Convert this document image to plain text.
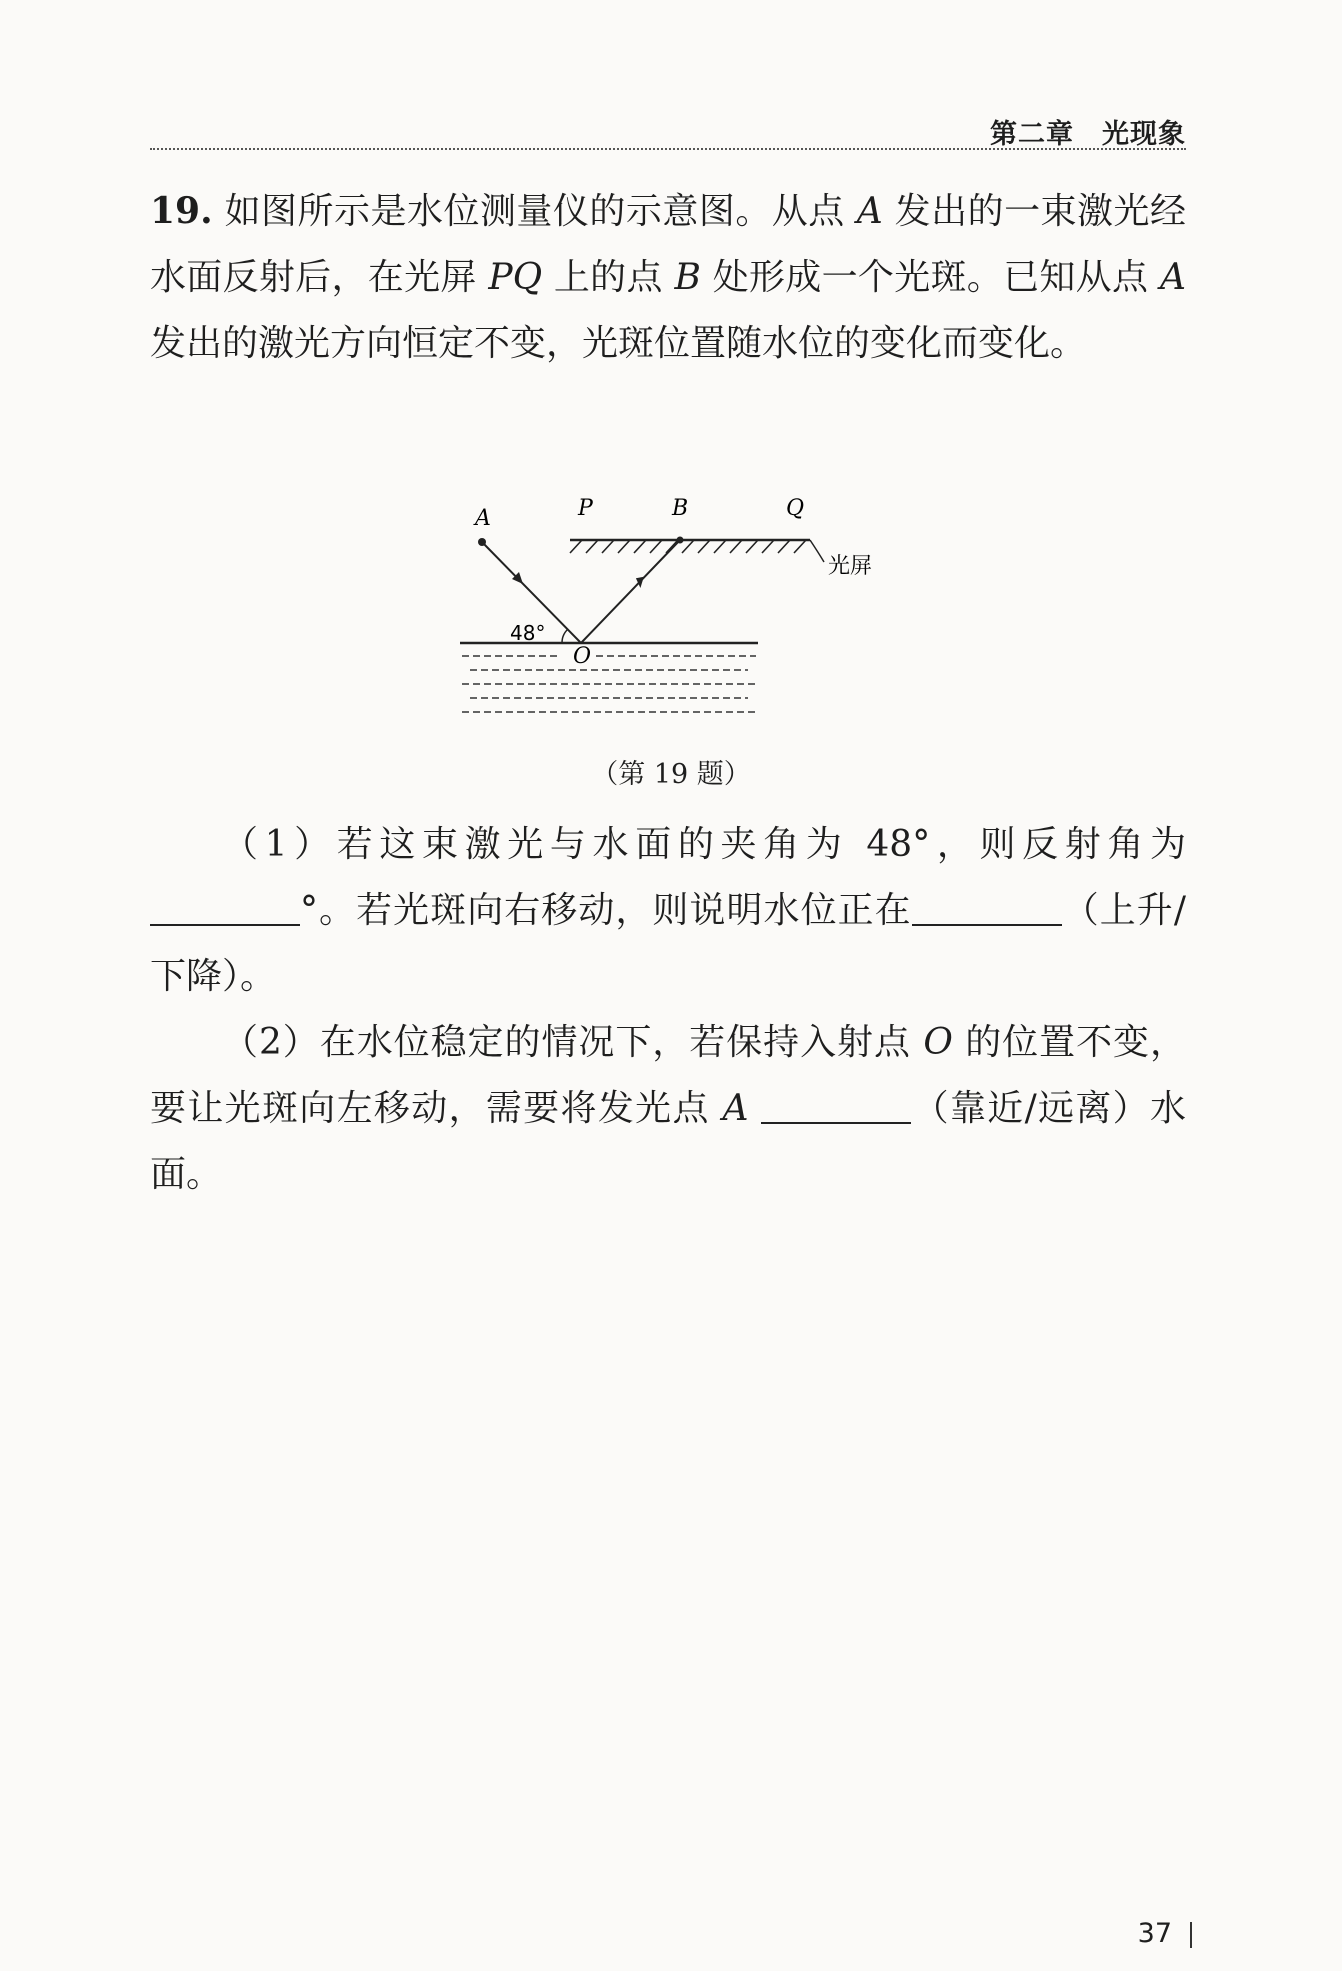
第二章 光现象

19. 如图所示是水位测量仪的示意图。从点 A 发出的一束激光经水面反射后，在光屏 PQ 上的点 B 处形成一个光斑。已知从点 A 发出的激光方向恒定不变，光斑位置随水位的变化而变化。

光屏
P	B	Q
A
48°
O
（第 19 题）

（1）若这束激光与水面的夹角为 48°，则反射角为°。若光斑向右移动，则说明水位正在	（上升/下降）。

（2）在水位稳定的情况下，若保持入射点 O 的位置不变，要让光斑向左移动，需要将发光点 A	（靠近/远离）水面。

37
